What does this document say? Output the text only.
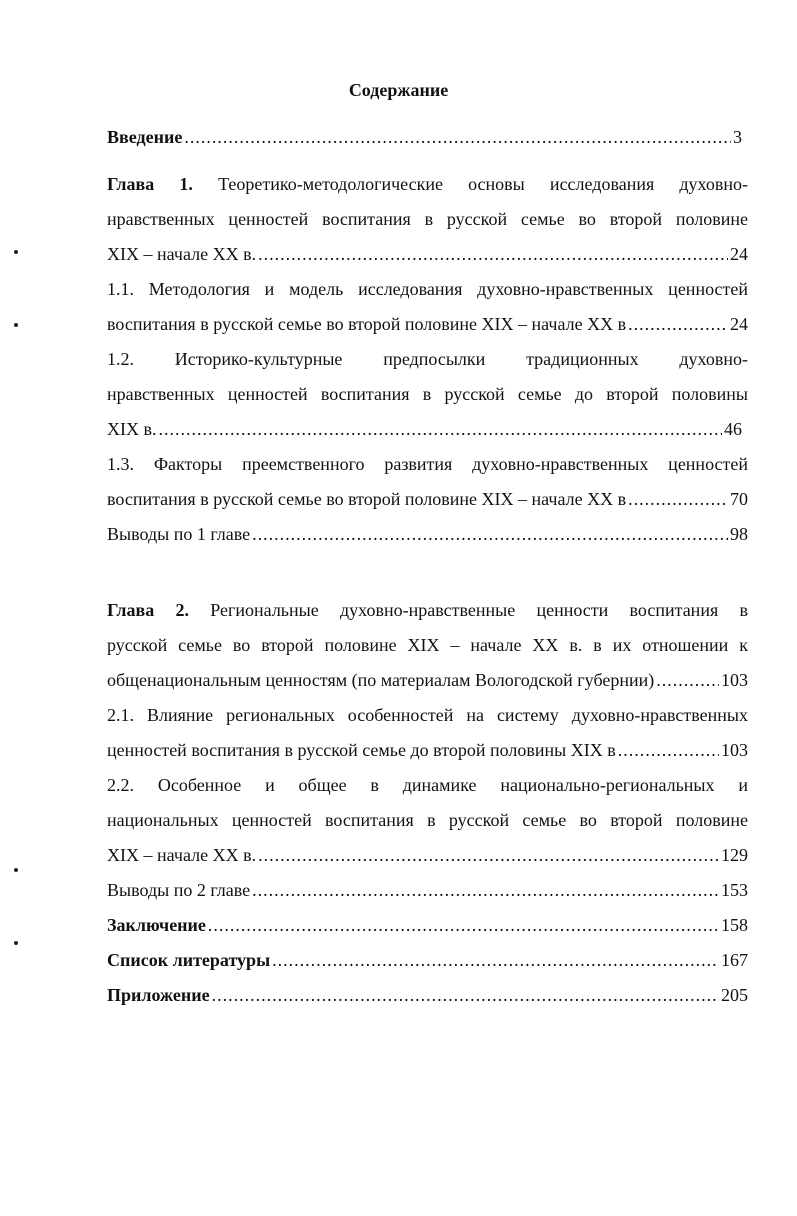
Содержание
Введение .....	3
Глава 1. Теоретико-методологические основы исследования духовно-
нравственных ценностей воспитания в русской семье во второй половине
XIX – начале XX в. .....	24
1.1. Методология и модель исследования духовно-нравственных ценностей
воспитания в русской семье во второй половине XIX – начале XX в .....	24
1.2. Историко-культурные предпосылки традиционных духовно-
нравственных ценностей воспитания в русской семье до второй половины
XIX в. .....	46
1.3. Факторы преемственного развития духовно-нравственных ценностей
воспитания в русской семье во второй половине XIX – начале XX в .....	70
Выводы по 1 главе .....	98
Глава 2. Региональные духовно-нравственные ценности воспитания в
русской семье во второй половине XIX – начале XX в. в их отношении к
общенациональным ценностям (по материалам Вологодской губернии) .....	103
2.1. Влияние региональных особенностей на систему духовно-нравственных
ценностей воспитания в русской семье до второй половины XIX в .....	103
2.2. Особенное и общее в динамике национально-региональных и
национальных ценностей воспитания в русской семье во второй половине
XIX – начале XX в. .....	129
Выводы по 2 главе .....	153
Заключение .....	158
Список литературы .....	167
Приложение .....	205
